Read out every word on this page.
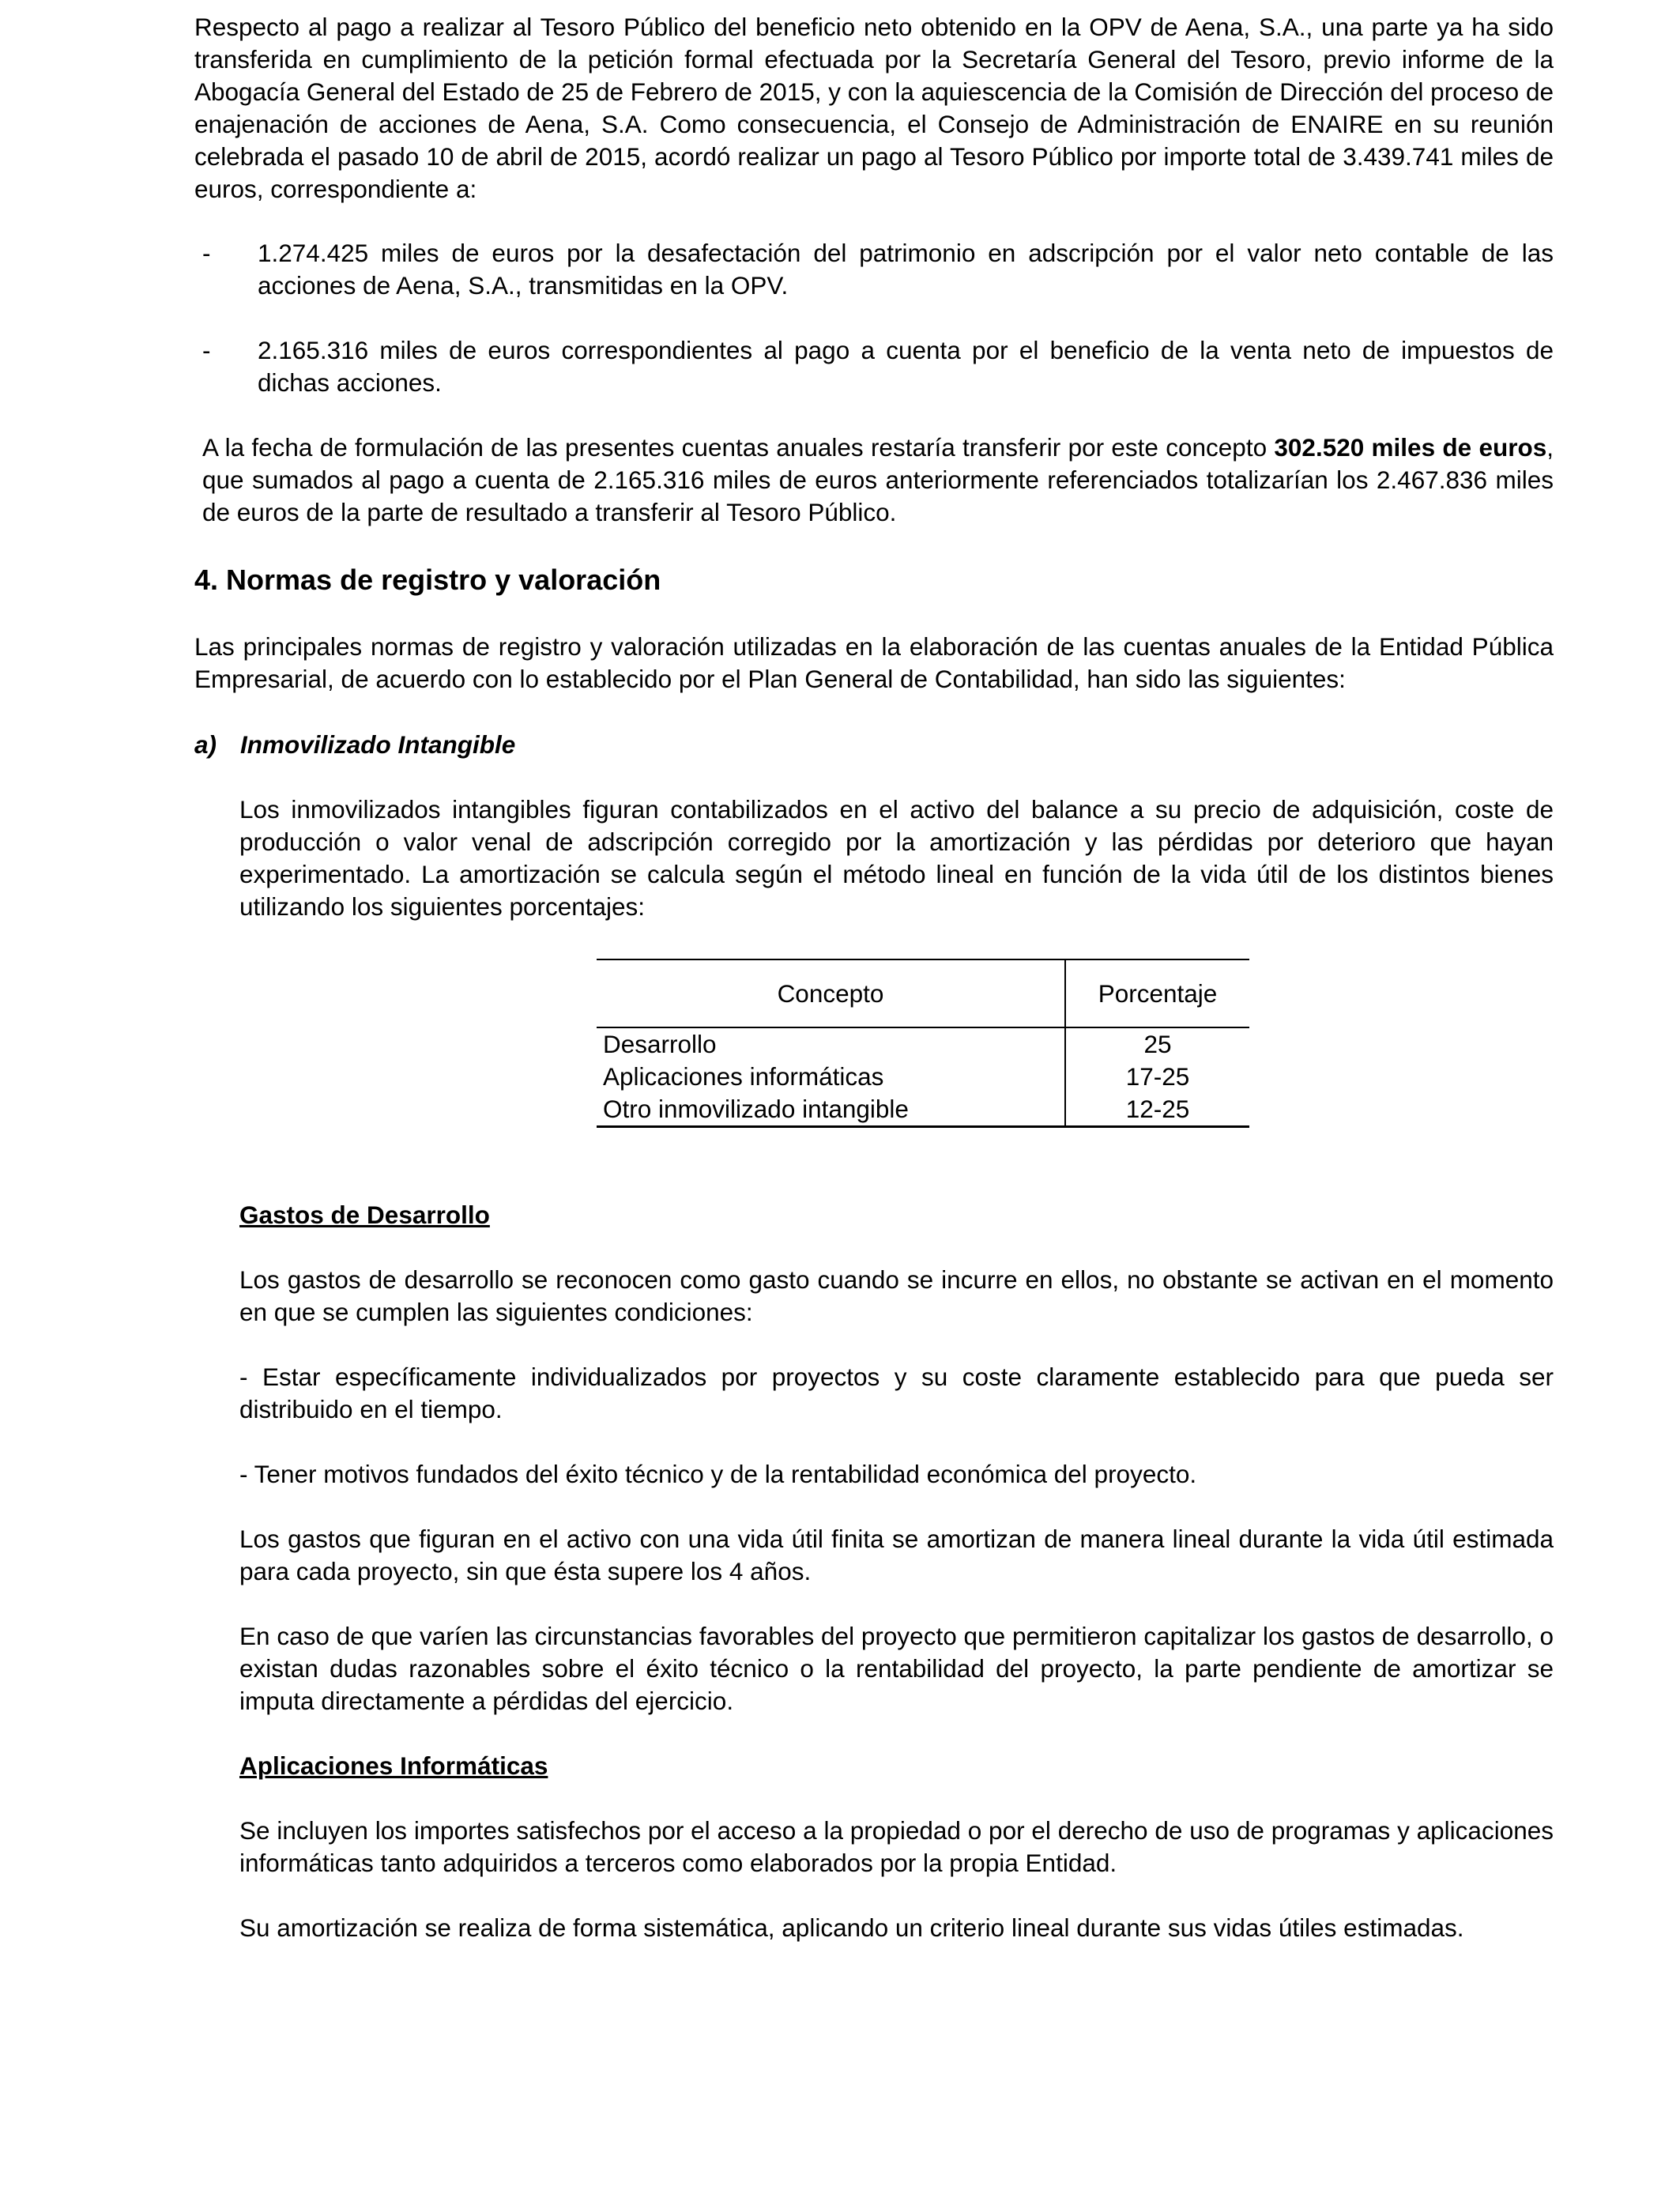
Respecto al pago a realizar al Tesoro Público del beneficio neto obtenido en la OPV de Aena, S.A., una parte ya ha sido transferida en cumplimiento de la petición formal efectuada por la Secretaría General del Tesoro, previo informe de la Abogacía General del Estado de 25 de Febrero de 2015, y con la aquiescencia de la Comisión de Dirección del proceso de enajenación de acciones de Aena, S.A. Como consecuencia, el Consejo de Administración de ENAIRE en su reunión celebrada el pasado 10 de abril de 2015, acordó realizar un pago al Tesoro Público por importe total de 3.439.741 miles de euros, correspondiente a:

- 1.274.425 miles de euros por la desafectación del patrimonio en adscripción por el valor neto contable de las acciones de Aena, S.A., transmitidas en la OPV.
- 2.165.316 miles de euros correspondientes al pago a cuenta por el beneficio de la venta neto de impuestos de dichas acciones.

A la fecha de formulación de las presentes cuentas anuales restaría transferir por este concepto 302.520 miles de euros, que sumados al pago a cuenta de 2.165.316 miles de euros anteriormente referenciados totalizarían los 2.467.836 miles de euros de la parte de resultado a transferir al Tesoro Público.

4. Normas de registro y valoración

Las principales normas de registro y valoración utilizadas en la elaboración de las cuentas anuales de la Entidad Pública Empresarial, de acuerdo con lo establecido por el Plan General de Contabilidad, han sido las siguientes:

a) Inmovilizado Intangible

Los inmovilizados intangibles figuran contabilizados en el activo del balance a su precio de adquisición, coste de producción o valor venal de adscripción corregido por la amortización y las pérdidas por deterioro que hayan experimentado. La amortización se calcula según el método lineal en función de la vida útil de los distintos bienes utilizando los siguientes porcentajes:

Concepto	Porcentaje
Desarrollo	25
Aplicaciones informáticas	17-25
Otro inmovilizado intangible	12-25
Gastos de Desarrollo

Los gastos de desarrollo se reconocen como gasto cuando se incurre en ellos, no obstante se activan en el momento en que se cumplen las siguientes condiciones:

- Estar específicamente individualizados por proyectos y su coste claramente establecido para que pueda ser distribuido en el tiempo.

- Tener motivos fundados del éxito técnico y de la rentabilidad económica del proyecto.

Los gastos que figuran en el activo con una vida útil finita se amortizan de manera lineal durante la vida útil estimada para cada proyecto, sin que ésta supere los 4 años.

En caso de que varíen las circunstancias favorables del proyecto que permitieron capitalizar los gastos de desarrollo, o existan dudas razonables sobre el éxito técnico o la rentabilidad del proyecto, la parte pendiente de amortizar se imputa directamente a pérdidas del ejercicio.

Aplicaciones Informáticas

Se incluyen los importes satisfechos por el acceso a la propiedad o por el derecho de uso de programas y aplicaciones informáticas tanto adquiridos a terceros como elaborados por la propia Entidad.

Su amortización se realiza de forma sistemática, aplicando un criterio lineal durante sus vidas útiles estimadas.
